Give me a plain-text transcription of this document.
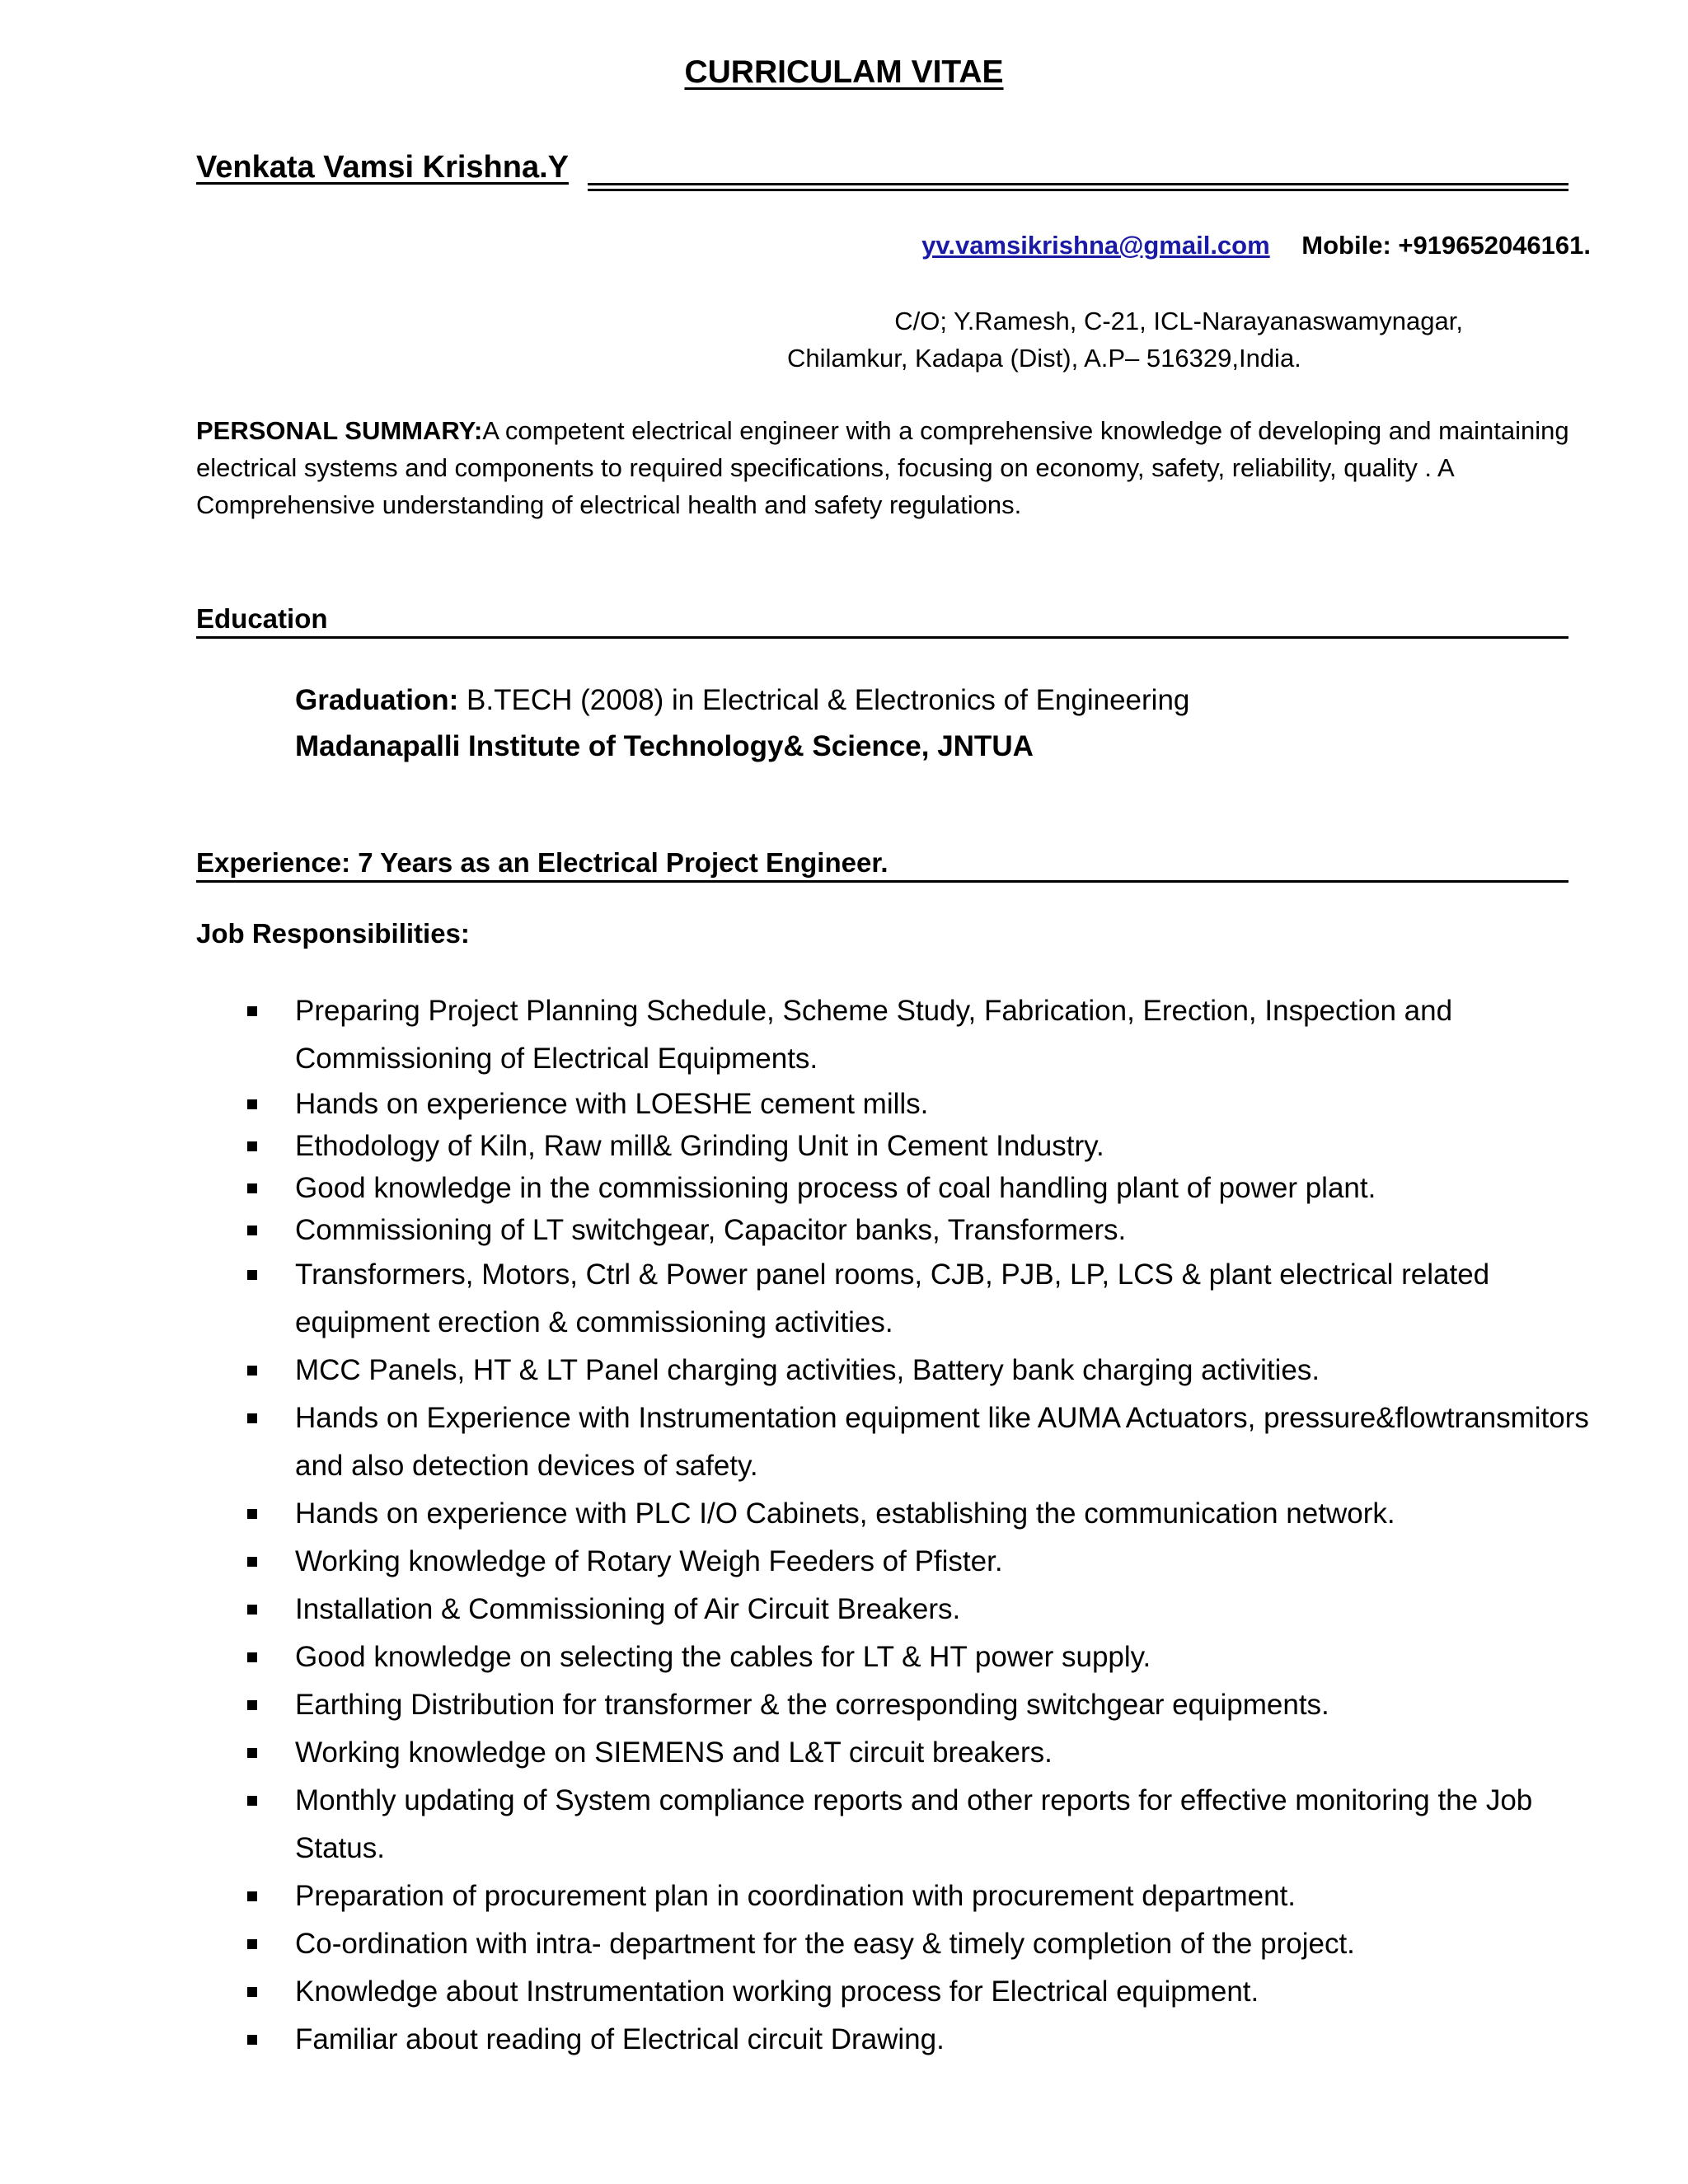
CURRICULAM VITAE
Venkata Vamsi Krishna.Y
yv.vamsikrishna@gmail.com Mobile: +919652046161.
C/O; Y.Ramesh, C-21, ICL-Narayanaswamynagar,
Chilamkur, Kadapa (Dist), A.P– 516329,India.
PERSONAL SUMMARY:A competent electrical engineer with a comprehensive knowledge of developing and maintaining electrical systems and components to required specifications, focusing on economy, safety, reliability, quality . A Comprehensive understanding of electrical health and safety regulations.
Education
Graduation: B.TECH (2008) in Electrical & Electronics of Engineering
Madanapalli Institute of Technology& Science, JNTUA
Experience: 7 Years as an Electrical Project Engineer.
Job Responsibilities:
Preparing Project Planning Schedule, Scheme Study, Fabrication, Erection, Inspection and Commissioning of Electrical Equipments.
Hands on experience with LOESHE cement mills.
Ethodology of Kiln, Raw mill& Grinding Unit in Cement Industry.
Good knowledge in the commissioning process of coal handling plant of power plant.
Commissioning of LT switchgear, Capacitor banks, Transformers.
Transformers, Motors, Ctrl & Power panel rooms, CJB, PJB, LP, LCS & plant electrical related equipment erection & commissioning activities.
MCC Panels, HT & LT Panel charging activities, Battery bank charging activities.
Hands on Experience with Instrumentation equipment like AUMA Actuators, pressure&flowtransmitors and also detection devices of safety.
Hands on experience with PLC I/O Cabinets, establishing the communication network.
Working knowledge of Rotary Weigh Feeders of Pfister.
Installation & Commissioning of Air Circuit Breakers.
Good knowledge on selecting the cables for LT & HT power supply.
Earthing Distribution for transformer & the corresponding switchgear equipments.
Working knowledge on SIEMENS and L&T circuit breakers.
Monthly updating of System compliance reports and other reports for effective monitoring the Job Status.
Preparation of procurement plan in coordination with procurement department.
Co-ordination with intra- department for the easy & timely completion of the project.
Knowledge about Instrumentation working process for Electrical equipment.
Familiar about reading of Electrical circuit Drawing.
